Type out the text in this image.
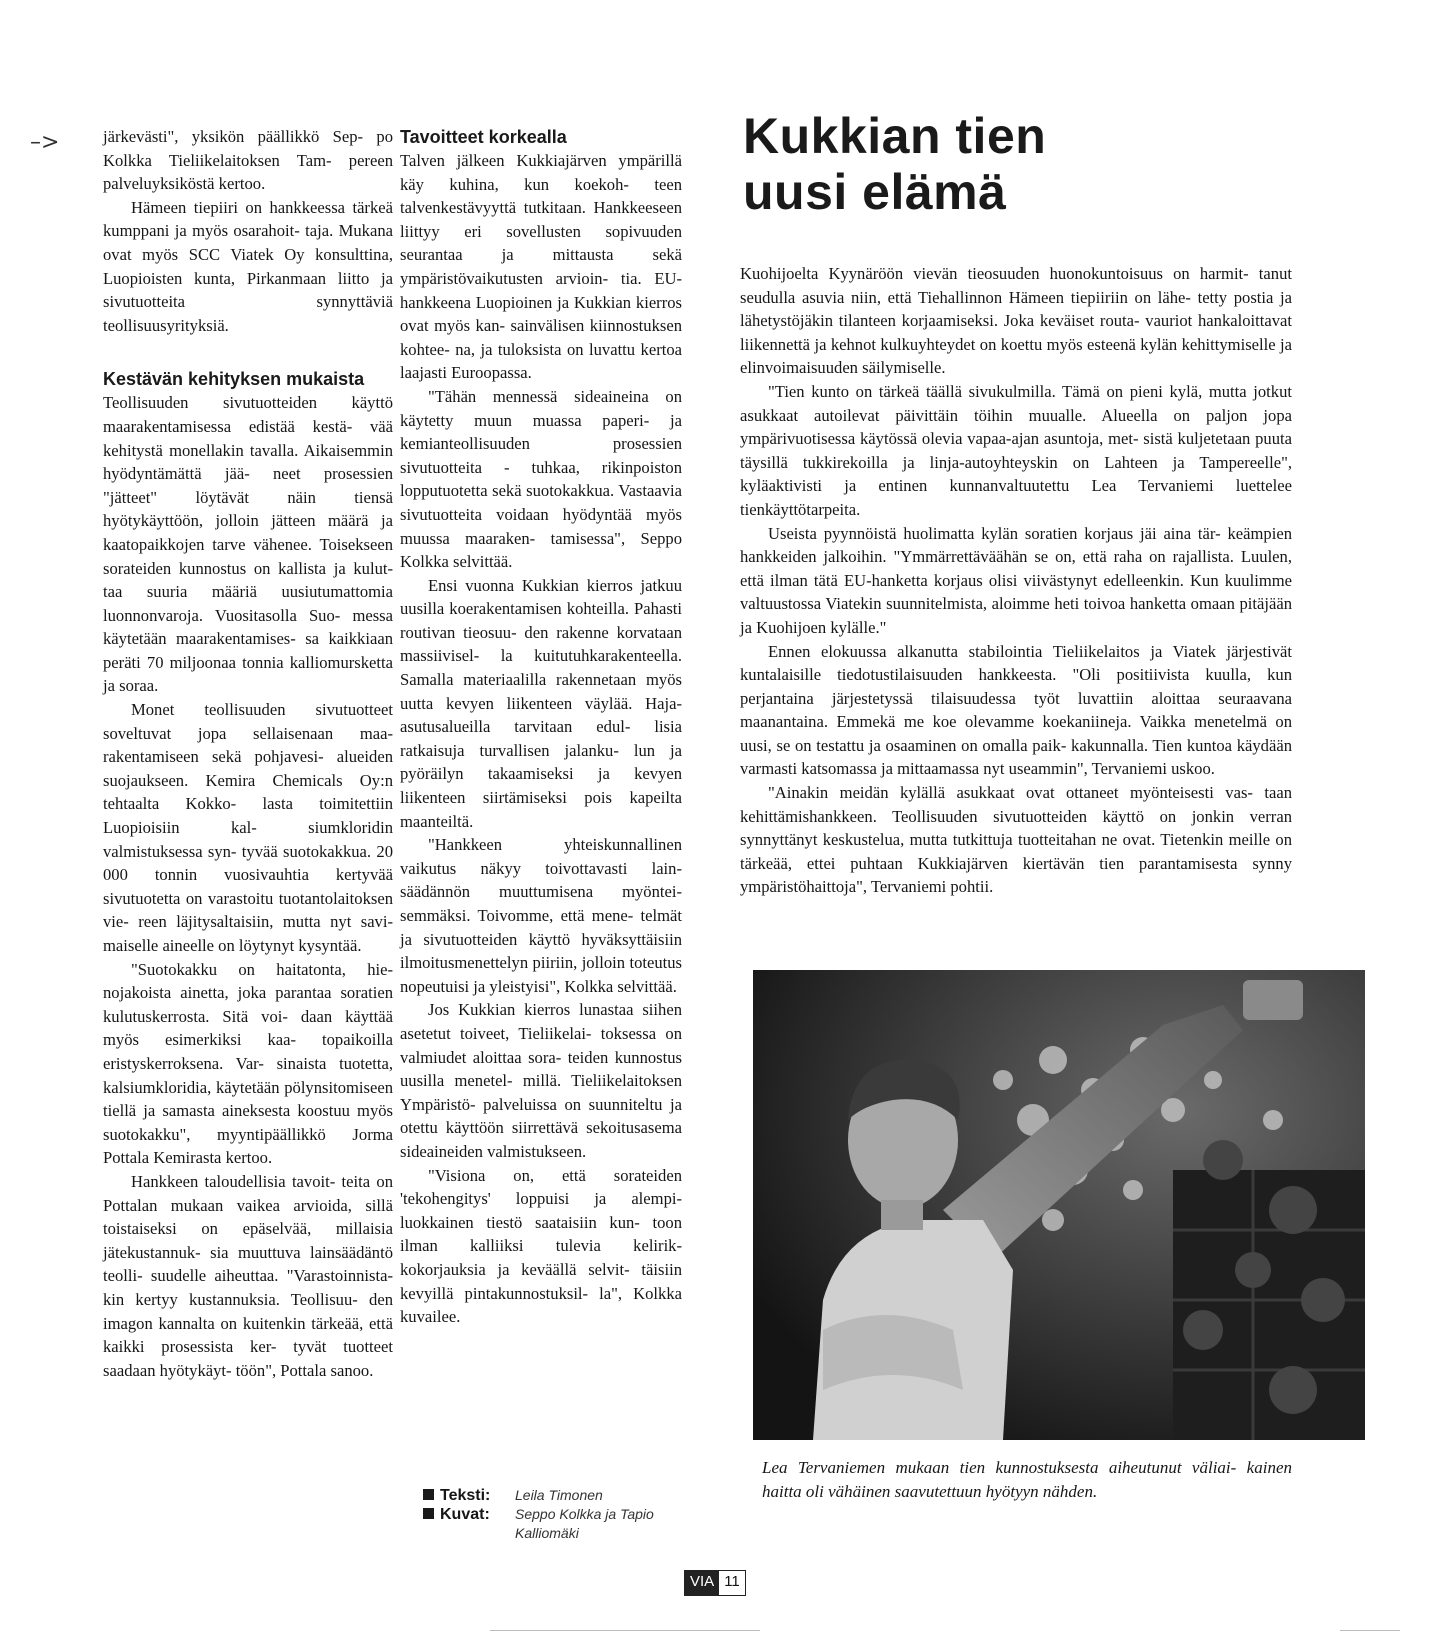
–>	järkevästi", yksikön päällikkö Sep- po Kolkka Tieliikelaitoksen Tam- pereen palveluyksiköstä kertoo.

Hämeen tiepiiri on hankkeessa tärkeä kumppani ja myös osarahoit- taja. Mukana ovat myös SCC Viatek Oy konsulttina, Luopioisten kunta, Pirkanmaan liitto ja sivutuotteita synnyttäviä teollisuusyrityksiä.

Kestävän kehityksen mukaista

Teollisuuden sivutuotteiden käyttö maarakentamisessa edistää kestä- vää kehitystä monellakin tavalla. Aikaisemmin hyödyntämättä jää- neet prosessien "jätteet" löytävät näin tiensä hyötykäyttöön, jolloin jätteen määrä ja kaatopaikkojen tarve vähenee. Toisekseen sorateiden kunnostus on kallista ja kulut- taa suuria määriä uusiutumattomia luonnonvaroja. Vuositasolla Suo- messa käytetään maarakentamises- sa kaikkiaan peräti 70 miljoonaa tonnia kalliomursketta ja soraa.

Monet teollisuuden sivutuotteet soveltuvat jopa sellaisenaan maa- rakentamiseen sekä pohjavesi- alueiden suojaukseen. Kemira Chemicals Oy:n tehtaalta Kokko- lasta toimitettiin Luopioisiin kal- siumkloridin valmistuksessa syn- tyvää suotokakkua. 20 000 tonnin vuosivauhtia kertyvää sivutuotetta on varastoitu tuotantolaitoksen vie- reen läjitysaltaisiin, mutta nyt savi- maiselle aineelle on löytynyt kysyntää.

"Suotokakku on haitatonta, hie- nojakoista ainetta, joka parantaa soratien kulutuskerrosta. Sitä voi- daan käyttää myös esimerkiksi kaa- topaikoilla eristyskerroksena. Var- sinaista tuotetta, kalsiumkloridia, käytetään pölynsitomiseen tiellä ja samasta aineksesta koostuu myös suotokakku", myyntipäällikkö Jorma Pottala Kemirasta kertoo.

Hankkeen taloudellisia tavoit- teita on Pottalan mukaan vaikea arvioida, sillä toistaiseksi on epäselvää, millaisia jätekustannuk- sia muuttuva lainsäädäntö teolli- suudelle aiheuttaa. "Varastoinnista- kin kertyy kustannuksia. Teollisuu- den imagon kannalta on kuitenkin tärkeää, että kaikki prosessista ker- tyvät tuotteet saadaan hyötykäyt- töön", Pottala sanoo.

Tavoitteet korkealla

Talven jälkeen Kukkiajärven ympärillä käy kuhina, kun koekoh- teen talvenkestävyyttä tutkitaan. Hankkeeseen liittyy eri sovellusten sopivuuden seurantaa ja mittausta sekä ympäristövaikutusten arvioin- tia. EU-hankkeena Luopioinen ja Kukkian kierros ovat myös kan- sainvälisen kiinnostuksen kohtee- na, ja tuloksista on luvattu kertoa laajasti Euroopassa.

"Tähän mennessä sideaineina on käytetty muun muassa paperi- ja kemianteollisuuden prosessien sivutuotteita - tuhkaa, rikinpoiston lopputuotetta sekä suotokakkua. Vastaavia sivutuotteita voidaan hyödyntää myös muussa maaraken- tamisessa", Seppo Kolkka selvittää.

Ensi vuonna Kukkian kierros jatkuu uusilla koerakentamisen kohteilla. Pahasti routivan tieosuu- den rakenne korvataan massiivisel- la kuitutuhkarakenteella. Samalla materiaalilla rakennetaan myös uutta kevyen liikenteen väylää. Haja-asutusalueilla tarvitaan edul- lisia ratkaisuja turvallisen jalanku- lun ja pyöräilyn takaamiseksi ja kevyen liikenteen siirtämiseksi pois kapeilta maanteiltä.

"Hankkeen yhteiskunnallinen vaikutus näkyy toivottavasti lain- säädännön muuttumisena myöntei- semmäksi. Toivomme, että mene- telmät ja sivutuotteiden käyttö hyväksyttäisiin ilmoitusmenettelyn piiriin, jolloin toteutus nopeutuisi ja yleistyisi", Kolkka selvittää.

Jos Kukkian kierros lunastaa siihen asetetut toiveet, Tieliikelai- toksessa on valmiudet aloittaa sora- teiden kunnostus uusilla menetel- millä. Tieliikelaitoksen Ympäristö- palveluissa on suunniteltu ja otettu käyttöön siirrettävä sekoitusasema sideaineiden valmistukseen.

"Visiona on, että sorateiden 'tekohengitys' loppuisi ja alempi- luokkainen tiestö saataisiin kun- toon ilman kalliiksi tulevia kelirik- kokorjauksia ja keväällä selvit- täisiin kevyillä pintakunnostuksil- la", Kolkka kuvailee.

Kukkian tien
uusi elämä

Kuohijoelta Kyynäröön vievän tieosuuden huonokuntoisuus on harmit- tanut seudulla asuvia niin, että Tiehallinnon Hämeen tiepiiriin on lähe- tetty postia ja lähetystöjäkin tilanteen korjaamiseksi. Joka keväiset routa- vauriot hankaloittavat liikennettä ja kehnot kulkuyhteydet on koettu myös esteenä kylän kehittymiselle ja elinvoimaisuuden säilymiselle.

"Tien kunto on tärkeä täällä sivukulmilla. Tämä on pieni kylä, mutta jotkut asukkaat autoilevat päivittäin töihin muualle. Alueella on paljon jopa ympärivuotisessa käytössä olevia vapaa-ajan asuntoja, met- sistä kuljetetaan puuta täysillä tukkirekoilla ja linja-autoyhteyskin on Lahteen ja Tampereelle", kyläaktivisti ja entinen kunnanvaltuutettu Lea Tervaniemi luettelee tienkäyttötarpeita.

Useista pyynnöistä huolimatta kylän soratien korjaus jäi aina tär- keämpien hankkeiden jalkoihin. "Ymmärrettäväähän se on, että raha on rajallista. Luulen, että ilman tätä EU-hanketta korjaus olisi viivästynyt edelleenkin. Kun kuulimme valtuustossa Viatekin suunnitelmista, aloimme heti toivoa hanketta omaan pitäjään ja Kuohijoen kylälle."

Ennen elokuussa alkanutta stabilointia Tieliikelaitos ja Viatek järjestivät kuntalaisille tiedotustilaisuuden hankkeesta. "Oli positiivista kuulla, kun perjantaina järjestetyssä tilaisuudessa työt luvattiin aloittaa seuraavana maanantaina. Emmekä me koe olevamme koekaniineja. Vaikka menetelmä on uusi, se on testattu ja osaaminen on omalla paik- kakunnalla. Tien kuntoa käydään varmasti katsomassa ja mittaamassa nyt useammin", Tervaniemi uskoo.

"Ainakin meidän kylällä asukkaat ovat ottaneet myönteisesti vas- taan kehittämishankkeen. Teollisuuden sivutuotteiden käyttö on jonkin verran synnyttänyt keskustelua, mutta tutkittuja tuotteitahan ne ovat. Tietenkin meille on tärkeää, ettei puhtaan Kukkiajärven kiertävän tien parantamisesta synny ympäristöhaittoja", Tervaniemi pohtii.

Lea Tervaniemen mukaan tien kunnostuksesta aiheutunut väliai- kainen haitta oli vähäinen saavutettuun hyötyyn nähden.
Teksti:	Leila Timonen
Kuvat:	Seppo Kolkka ja Tapio Kalliomäki
VIA 11
